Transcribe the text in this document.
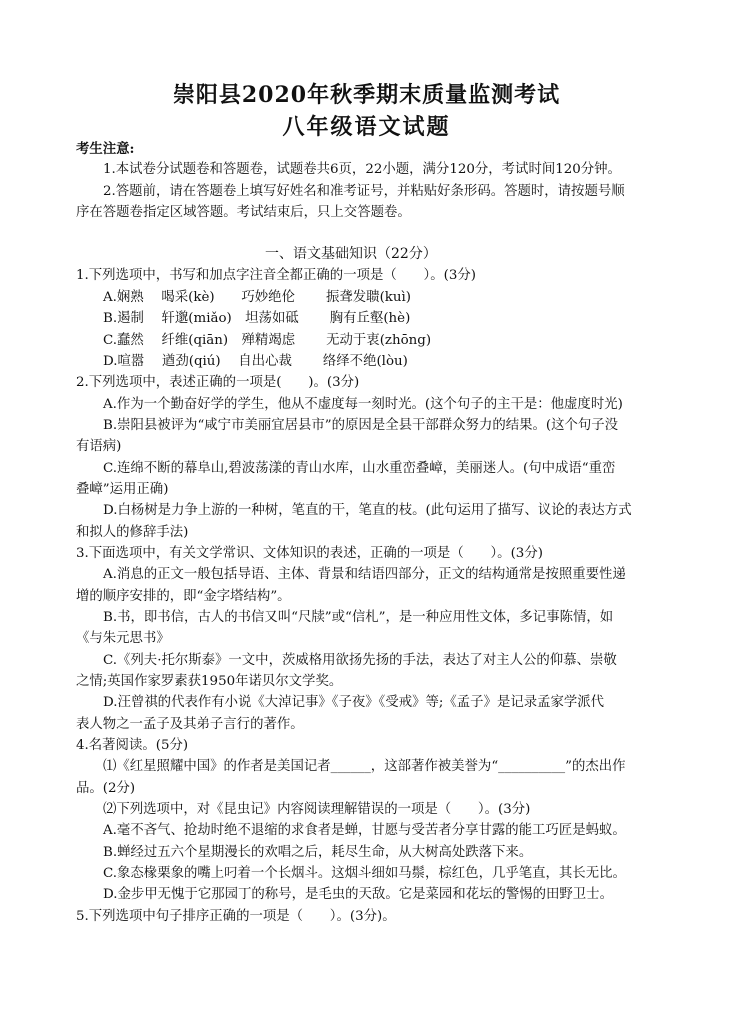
崇阳县2020年秋季期末质量监测考试
八年级语文试题
考生注意:
1.本试卷分试题卷和答题卷，试题卷共6页，22小题，满分120分，考试时间120分钟。
2.答题前，请在答题卷上填写好姓名和准考证号，并粘贴好条形码。答题时，请按题号顺
序在答题卷指定区域答题。考试结束后，只上交答题卷。
一、语文基础知识（22分）
1.下列选项中，书写和加点字注音全都正确的一项是（　　）。(3分)
A.娴熟　 喝采(kè)　　巧妙绝伦　　 振聋发聩(kuì)
B.遏制　 轩邈(miǎo)　坦荡如砥　　 胸有丘壑(hè)
C.蠢然　 纤维(qiān)　殚精竭虑　　 无动于衷(zhōng)
D.喧嚣　 遒劲(qiú)　 自出心裁　　 络绎不绝(lòu)
2.下列选项中，表述正确的一项是(　　)。(3分)
A.作为一个勤奋好学的学生，他从不虚度每一刻时光。(这个句子的主干是：他虚度时光)
B.崇阳县被评为“咸宁市美丽宜居县市”的原因是全县干部群众努力的结果。(这个句子没
有语病)
C.连绵不断的幕阜山,碧波荡漾的青山水库，山水重峦叠嶂，美丽迷人。(句中成语“重峦
叠嶂”运用正确)
D.白杨树是力争上游的一种树，笔直的干，笔直的枝。(此句运用了描写、议论的表达方式
和拟人的修辞手法)
3.下面选项中，有关文学常识、文体知识的表述，正确的一项是（　　）。(3分)
A.消息的正文一般包括导语、主体、背景和结语四部分，正文的结构通常是按照重要性递
增的顺序安排的，即“金字塔结构”。
B.书，即书信，古人的书信又叫“尺牍”或“信札”，是一种应用性文体，多记事陈情，如
《与朱元思书》
C.《列夫·托尔斯泰》一文中，茨威格用欲扬先扬的手法，表达了对主人公的仰慕、崇敬
之情;英国作家罗素获1950年诺贝尔文学奖。
D.汪曾祺的代表作有小说《大淖记事》《子夜》《受戒》等;《孟子》是记录孟家学派代
表人物之一孟子及其弟子言行的著作。
4.名著阅读。(5分)
⑴《红星照耀中国》的作者是美国记者______，这部著作被美誉为“__________”的杰出作
品。(2分)
⑵下列选项中，对《昆虫记》内容阅读理解错误的一项是（　　）。(3分)
A.毫不吝气、抢劫时绝不退缩的求食者是蝉，甘愿与受苦者分享甘露的能工巧匠是蚂蚁。
B.蝉经过五六个星期漫长的欢唱之后，耗尽生命，从大树高处跌落下来。
C.象态椽栗象的嘴上叼着一个长烟斗。这烟斗细如马鬃，棕红色，几乎笔直，其长无比。
D.金步甲无愧于它那园丁的称号，是毛虫的天敌。它是菜园和花坛的警惕的田野卫士。
5.下列选项中句子排序正确的一项是（　　）。(3分)。
